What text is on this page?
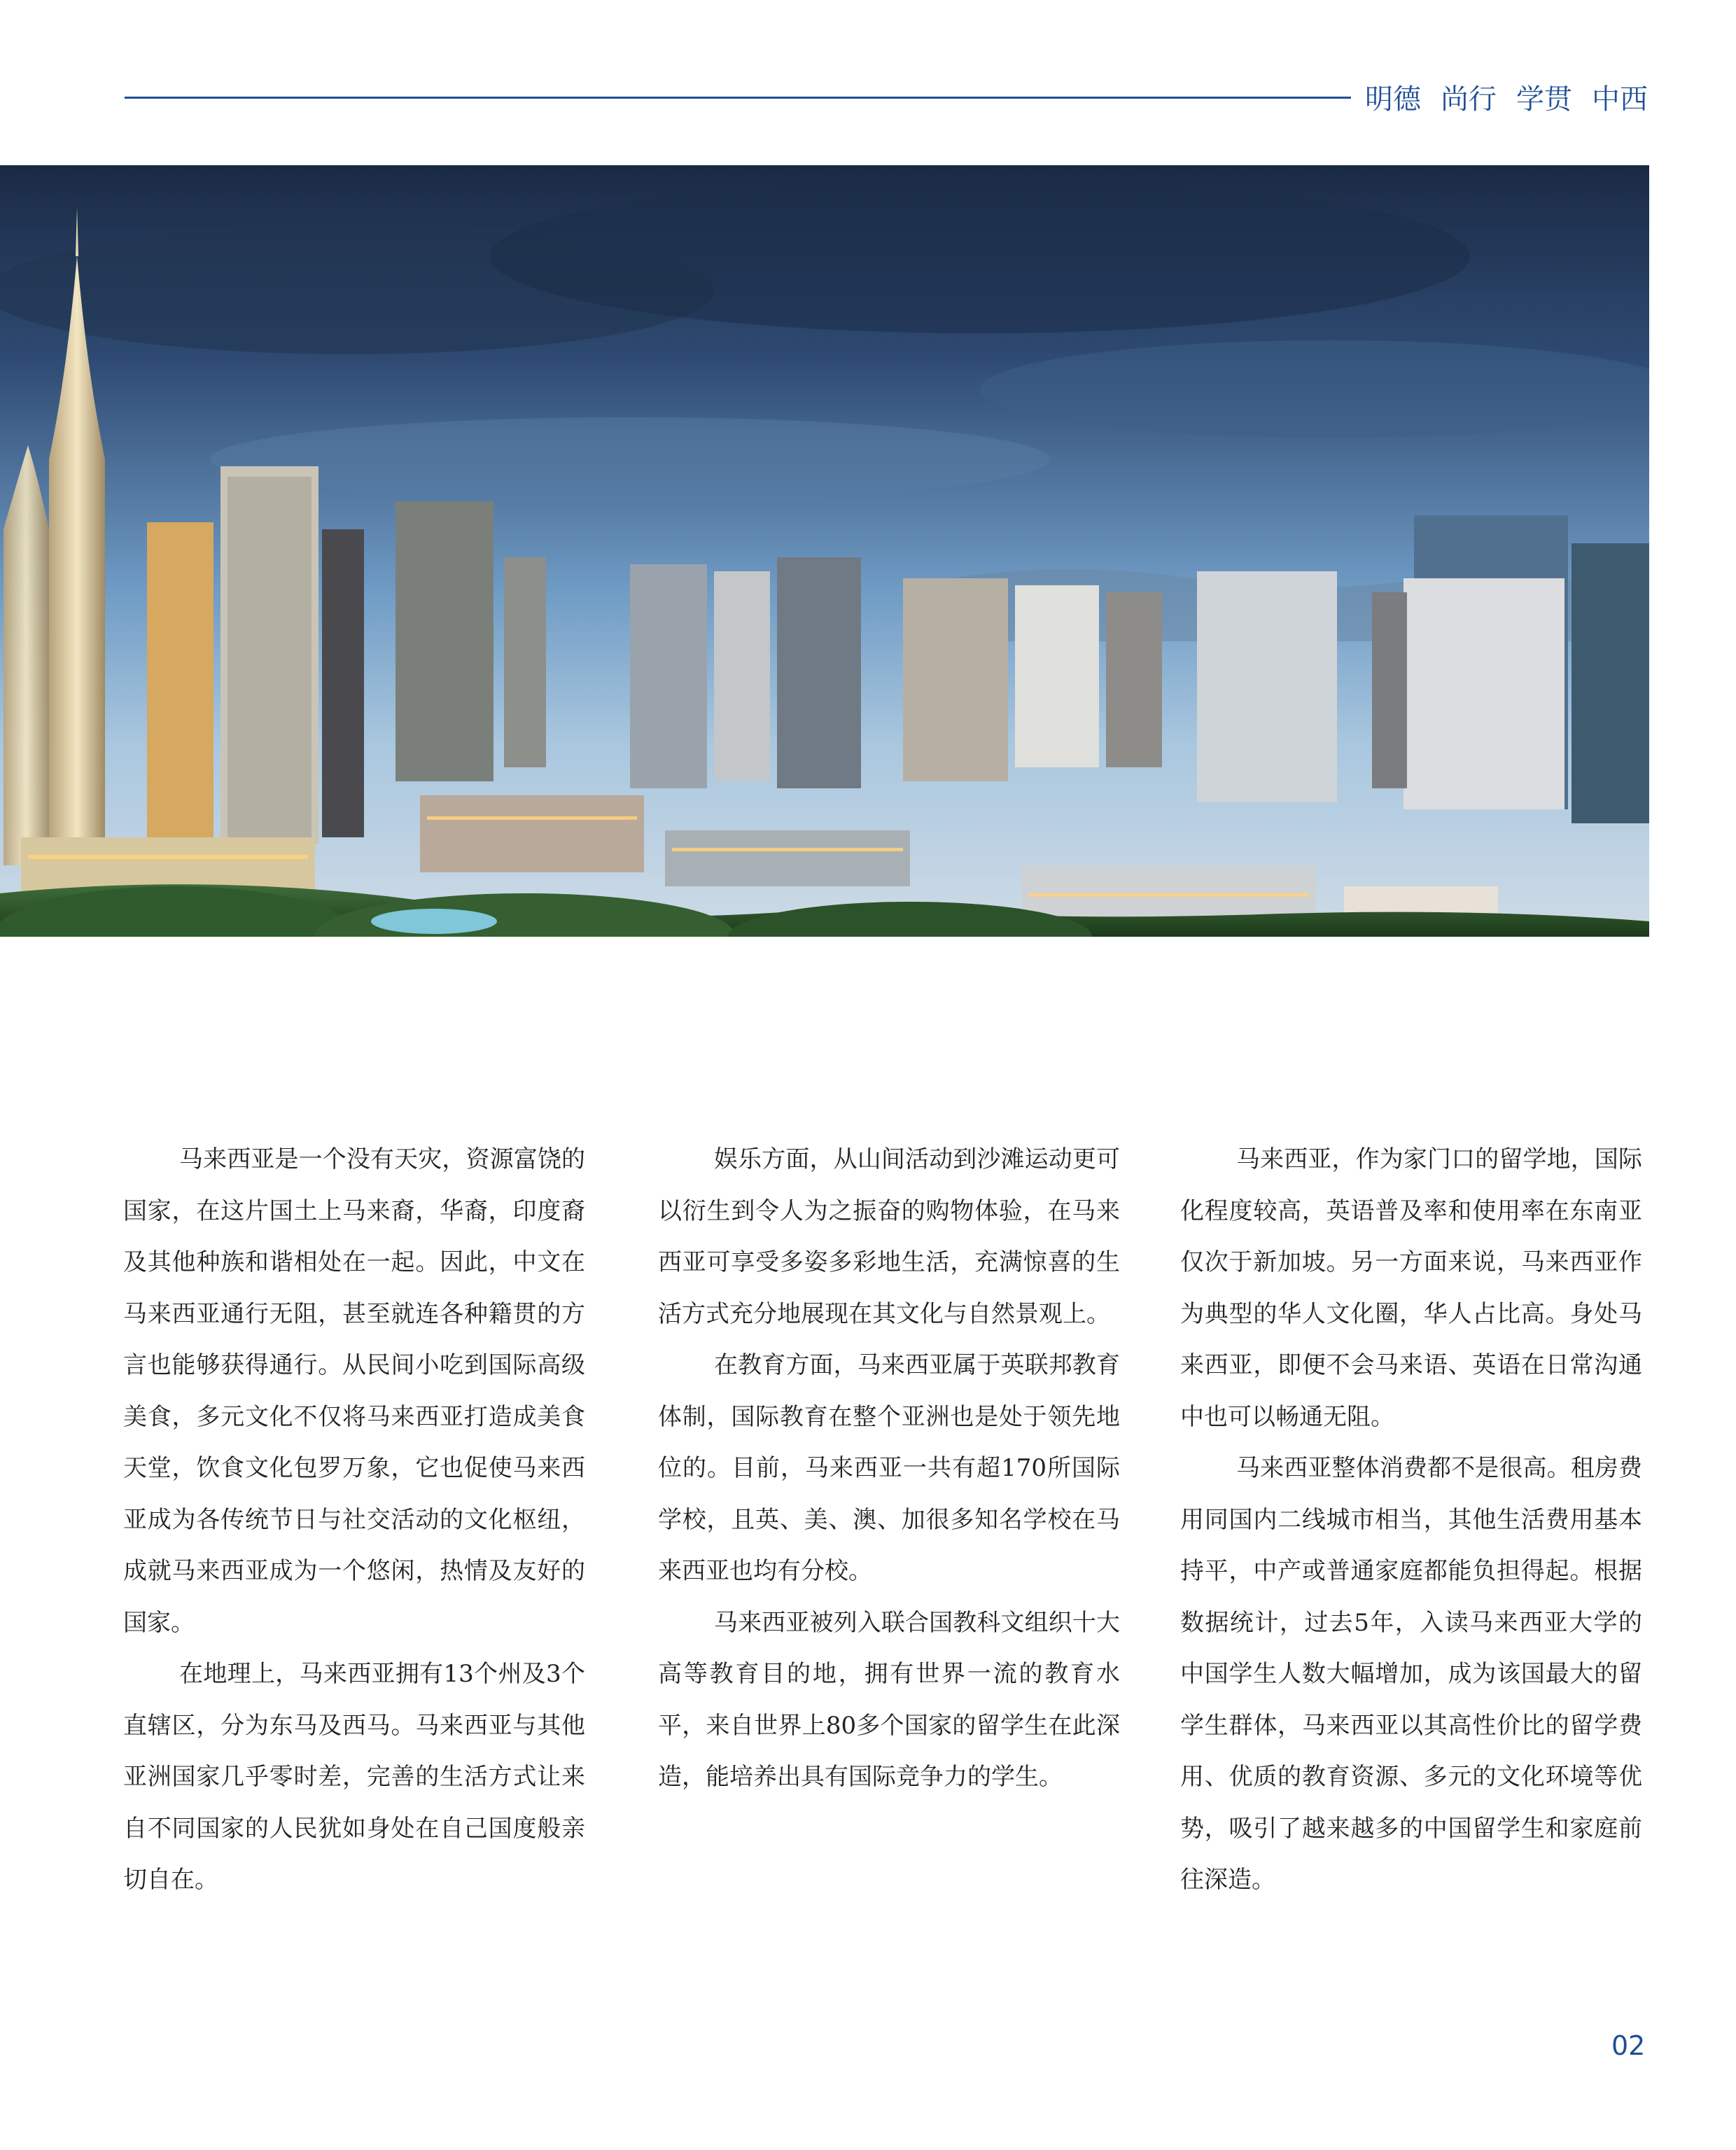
明德 尚行 学贯 中西

马来西亚是一个没有天灾，资源富饶的国家，在这片国土上马来裔，华裔，印度裔及其他种族和谐相处在一起。因此，中文在马来西亚通行无阻，甚至就连各种籍贯的方言也能够获得通行。从民间小吃到国际高级美食，多元文化不仅将马来西亚打造成美食天堂，饮食文化包罗万象，它也促使马来西亚成为各传统节日与社交活动的文化枢纽，成就马来西亚成为一个悠闲，热情及友好的国家。

在地理上，马来西亚拥有13个州及3个直辖区，分为东马及西马。马来西亚与其他亚洲国家几乎零时差，完善的生活方式让来自不同国家的人民犹如身处在自己国度般亲切自在。

娱乐方面，从山间活动到沙滩运动更可以衍生到令人为之振奋的购物体验，在马来西亚可享受多姿多彩地生活，充满惊喜的生活方式充分地展现在其文化与自然景观上。

在教育方面，马来西亚属于英联邦教育体制，国际教育在整个亚洲也是处于领先地位的。目前，马来西亚一共有超170所国际学校，且英、美、澳、加很多知名学校在马来西亚也均有分校。

马来西亚被列入联合国教科文组织十大高等教育目的地，拥有世界一流的教育水平，来自世界上80多个国家的留学生在此深造，能培养出具有国际竞争力的学生。

马来西亚，作为家门口的留学地，国际化程度较高，英语普及率和使用率在东南亚仅次于新加坡。另一方面来说，马来西亚作为典型的华人文化圈，华人占比高。身处马来西亚，即便不会马来语、英语在日常沟通中也可以畅通无阻。

马来西亚整体消费都不是很高。租房费用同国内二线城市相当，其他生活费用基本持平，中产或普通家庭都能负担得起。根据数据统计，过去5年，入读马来西亚大学的中国学生人数大幅增加，成为该国最大的留学生群体，马来西亚以其高性价比的留学费用、优质的教育资源、多元的文化环境等优势，吸引了越来越多的中国留学生和家庭前往深造。

02
